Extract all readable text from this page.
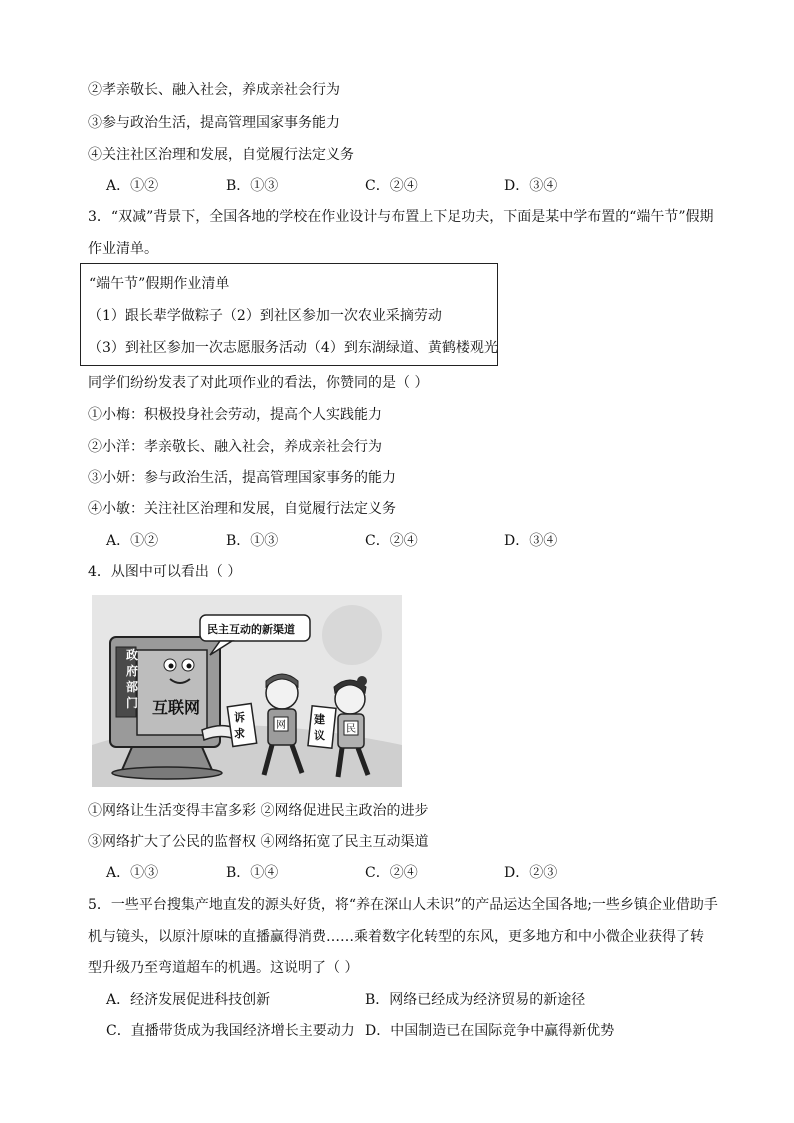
②孝亲敬长、融入社会，养成亲社会行为
③参与政治生活，提高管理国家事务能力
④关注社区治理和发展，自觉履行法定义务
A．①②	B．①③	C．②④	D．③④
3．“双减”背景下，全国各地的学校在作业设计与布置上下足功夫，下面是某中学布置的“端午节”假期
作业清单。
“端午节”假期作业清单
（1）跟长辈学做粽子（2）到社区参加一次农业采摘劳动
（3）到社区参加一次志愿服务活动（4）到东湖绿道、黄鹤楼观光
同学们纷纷发表了对此项作业的看法，你赞同的是（ ）
①小梅：积极投身社会劳动，提高个人实践能力
②小洋：孝亲敬长、融入社会，养成亲社会行为
③小妍：参与政治生活，提高管理国家事务的能力
④小敏：关注社区治理和发展，自觉履行法定义务
A．①②	B．①③	C．②④	D．③④
4．从图中可以看出（ ）
政
府
部
门 互联网
民主互动的新渠道
诉
求
建
议
网	民
①网络让生活变得丰富多彩 ②网络促进民主政治的进步
③网络扩大了公民的监督权 ④网络拓宽了民主互动渠道
A．①③	B．①④	C．②④	D．②③
5．一些平台搜集产地直发的源头好货，将“养在深山人未识”的产品运达全国各地;一些乡镇企业借助手
机与镜头，以原汁原味的直播赢得消费……乘着数字化转型的东风，更多地方和中小微企业获得了转
型升级乃至弯道超车的机遇。这说明了（ ）
A．经济发展促进科技创新	B．网络已经成为经济贸易的新途径
C．直播带货成为我国经济增长主要动力 D．中国制造已在国际竞争中赢得新优势
